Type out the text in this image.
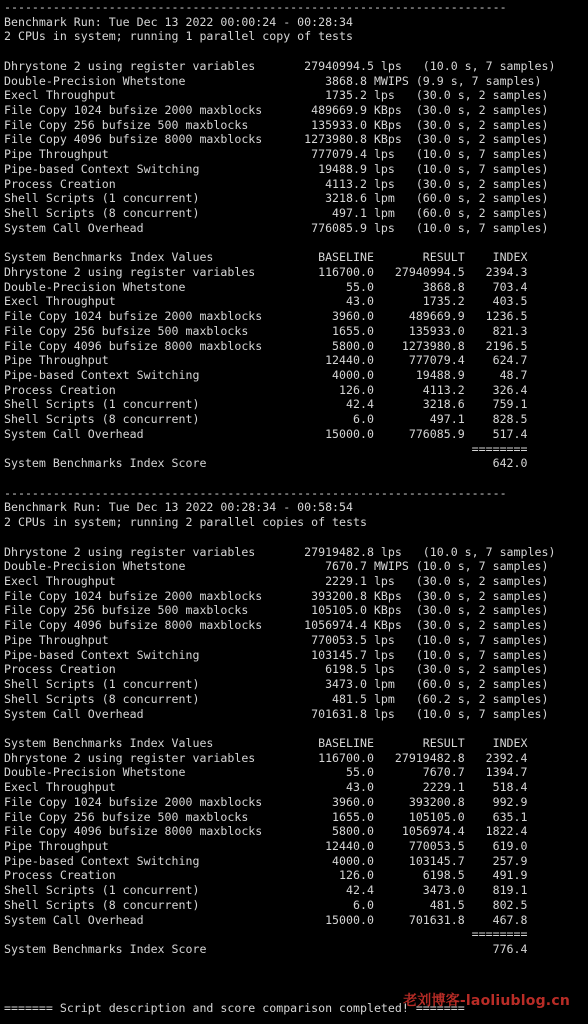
------------------------------------------------------------------------
Benchmark Run: Tue Dec 13 2022 00:00:24 - 00:28:34
2 CPUs in system; running 1 parallel copy of tests
Dhrystone 2 using register variables       27940994.5 lps   (10.0 s, 7 samples)
Double-Precision Whetstone                    3868.8 MWIPS (9.9 s, 7 samples)
Execl Throughput                              1735.2 lps   (30.0 s, 2 samples)
File Copy 1024 bufsize 2000 maxblocks       489669.9 KBps  (30.0 s, 2 samples)
File Copy 256 bufsize 500 maxblocks         135933.0 KBps  (30.0 s, 2 samples)
File Copy 4096 bufsize 8000 maxblocks      1273980.8 KBps  (30.0 s, 2 samples)
Pipe Throughput                             777079.4 lps   (10.0 s, 7 samples)
Pipe-based Context Switching                 19488.9 lps   (10.0 s, 7 samples)
Process Creation                              4113.2 lps   (30.0 s, 2 samples)
Shell Scripts (1 concurrent)                  3218.6 lpm   (60.0 s, 2 samples)
Shell Scripts (8 concurrent)                   497.1 lpm   (60.0 s, 2 samples)
System Call Overhead                        776085.9 lps   (10.0 s, 7 samples)
System Benchmarks Index Values               BASELINE       RESULT    INDEX
Dhrystone 2 using register variables         116700.0   27940994.5   2394.3
Double-Precision Whetstone                       55.0       3868.8    703.4
Execl Throughput                                 43.0       1735.2    403.5
File Copy 1024 bufsize 2000 maxblocks          3960.0     489669.9   1236.5
File Copy 256 bufsize 500 maxblocks            1655.0     135933.0    821.3
File Copy 4096 bufsize 8000 maxblocks          5800.0    1273980.8   2196.5
Pipe Throughput                               12440.0     777079.4    624.7
Pipe-based Context Switching                   4000.0      19488.9     48.7
Process Creation                                126.0       4113.2    326.4
Shell Scripts (1 concurrent)                     42.4       3218.6    759.1
Shell Scripts (8 concurrent)                      6.0        497.1    828.5
System Call Overhead                          15000.0     776085.9    517.4
========
System Benchmarks Index Score                                         642.0
------------------------------------------------------------------------
Benchmark Run: Tue Dec 13 2022 00:28:34 - 00:58:54
2 CPUs in system; running 2 parallel copies of tests
Dhrystone 2 using register variables       27919482.8 lps   (10.0 s, 7 samples)
Double-Precision Whetstone                    7670.7 MWIPS (10.0 s, 7 samples)
Execl Throughput                              2229.1 lps   (30.0 s, 2 samples)
File Copy 1024 bufsize 2000 maxblocks       393200.8 KBps  (30.0 s, 2 samples)
File Copy 256 bufsize 500 maxblocks         105105.0 KBps  (30.0 s, 2 samples)
File Copy 4096 bufsize 8000 maxblocks      1056974.4 KBps  (30.0 s, 2 samples)
Pipe Throughput                             770053.5 lps   (10.0 s, 7 samples)
Pipe-based Context Switching                103145.7 lps   (10.0 s, 7 samples)
Process Creation                              6198.5 lps   (30.0 s, 2 samples)
Shell Scripts (1 concurrent)                  3473.0 lpm   (60.0 s, 2 samples)
Shell Scripts (8 concurrent)                   481.5 lpm   (60.2 s, 2 samples)
System Call Overhead                        701631.8 lps   (10.0 s, 7 samples)
System Benchmarks Index Values               BASELINE       RESULT    INDEX
Dhrystone 2 using register variables         116700.0   27919482.8   2392.4
Double-Precision Whetstone                       55.0       7670.7   1394.7
Execl Throughput                                 43.0       2229.1    518.4
File Copy 1024 bufsize 2000 maxblocks          3960.0     393200.8    992.9
File Copy 256 bufsize 500 maxblocks            1655.0     105105.0    635.1
File Copy 4096 bufsize 8000 maxblocks          5800.0    1056974.4   1822.4
Pipe Throughput                               12440.0     770053.5    619.0
Pipe-based Context Switching                   4000.0     103145.7    257.9
Process Creation                                126.0       6198.5    491.9
Shell Scripts (1 concurrent)                     42.4       3473.0    819.1
Shell Scripts (8 concurrent)                      6.0        481.5    802.5
System Call Overhead                          15000.0     701631.8    467.8
========
System Benchmarks Index Score                                         776.4
======= Script description and score comparison completed! =======
老刘博客-laoliublog.cn
